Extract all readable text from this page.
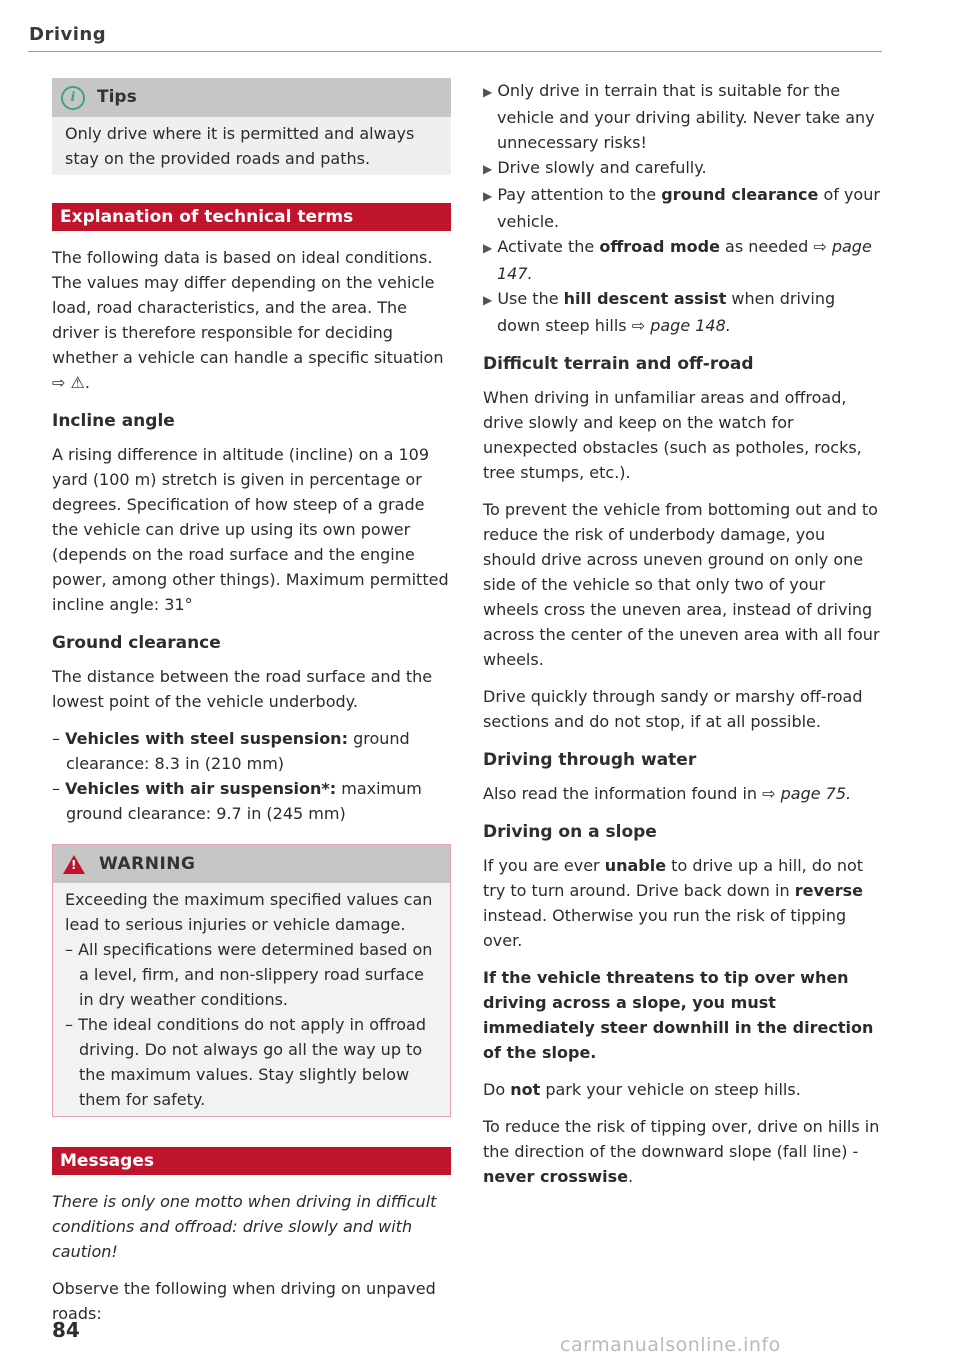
Driving
i	Tips
Only drive where it is permitted and always stay on the provided roads and paths.
Explanation of technical terms

The following data is based on ideal conditions. The values may differ depending on the vehicle load, road characteristics, and the area. The driver is therefore responsible for deciding whether a vehicle can handle a specific situation ⇨ ⚠.

Incline angle

A rising difference in altitude (incline) on a 109 yard (100 m) stretch is given in percentage or degrees. Specification of how steep of a grade the vehicle can drive up using its own power (depends on the road surface and the engine power, among other things). Maximum permitted incline angle: 31°

Ground clearance

The distance between the road surface and the lowest point of the vehicle underbody.

– Vehicles with steel suspension: ground clearance: 8.3 in (210 mm)
– Vehicles with air suspension*: maximum ground clearance: 9.7 in (245 mm)
!
WARNING

Exceeding the maximum specified values can lead to serious injuries or vehicle damage.

– All specifications were determined based on a level, firm, and non-slippery road surface in dry weather conditions.
– The ideal conditions do not apply in offroad driving. Do not always go all the way up to the maximum values. Stay slightly below them for safety.
Messages

There is only one motto when driving in difficult conditions and offroad: drive slowly and with caution!

Observe the following when driving on unpaved roads:

▶ Only drive in terrain that is suitable for the vehicle and your driving ability. Never take any unnecessary risks!
▶ Drive slowly and carefully.
▶ Pay attention to the ground clearance of your vehicle.
▶ Activate the offroad mode as needed ⇨ page 147.
▶ Use the hill descent assist when driving down steep hills ⇨ page 148.
Difficult terrain and off-road

When driving in unfamiliar areas and offroad, drive slowly and keep on the watch for unexpected obstacles (such as potholes, rocks, tree stumps, etc.).

To prevent the vehicle from bottoming out and to reduce the risk of underbody damage, you should drive across uneven ground on only one side of the vehicle so that only two of your wheels cross the uneven area, instead of driving across the center of the uneven area with all four wheels.

Drive quickly through sandy or marshy off-road sections and do not stop, if at all possible.

Driving through water

Also read the information found in ⇨ page 75.

Driving on a slope

If you are ever unable to drive up a hill, do not try to turn around. Drive back down in reverse instead. Otherwise you run the risk of tipping over.

If the vehicle threatens to tip over when driving across a slope, you must immediately steer downhill in the direction of the slope.

Do not park your vehicle on steep hills.

To reduce the risk of tipping over, drive on hills in the direction of the downward slope (fall line) - never crosswise.

84
carmanualsonline.info
